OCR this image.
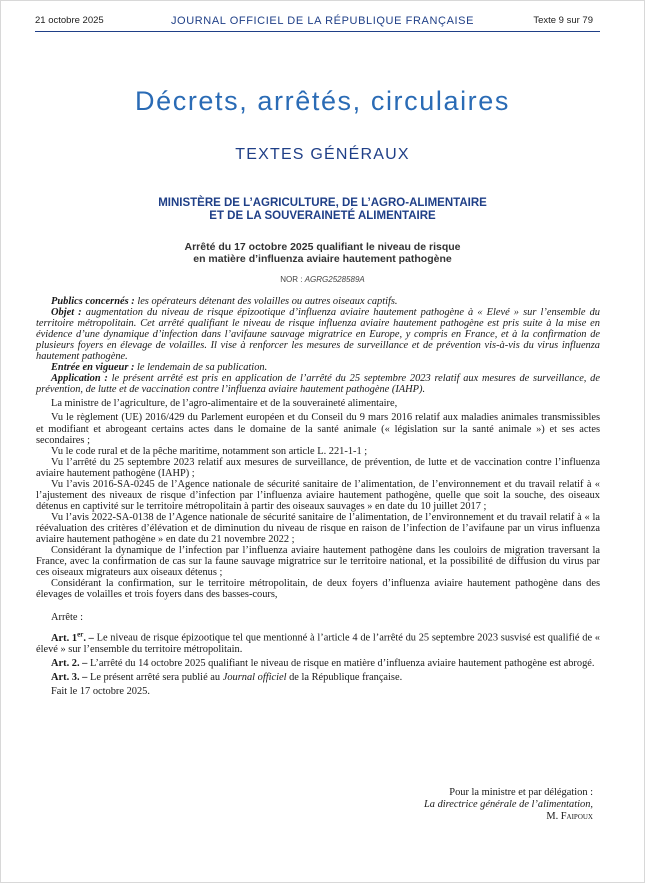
21 octobre 2025	JOURNAL OFFICIEL DE LA RÉPUBLIQUE FRANÇAISE	Texte 9 sur 79
Décrets, arrêtés, circulaires
TEXTES GÉNÉRAUX
MINISTÈRE DE L’AGRICULTURE, DE L’AGRO-ALIMENTAIRE
ET DE LA SOUVERAINETÉ ALIMENTAIRE
Arrêté du 17 octobre 2025 qualifiant le niveau de risque
en matière d’influenza aviaire hautement pathogène
NOR : AGRG2528589A

Publics concernés : les opérateurs détenant des volailles ou autres oiseaux captifs.

Objet : augmentation du niveau de risque épizootique d’influenza aviaire hautement pathogène à « Elevé » sur l’ensemble du territoire métropolitain. Cet arrêté qualifiant le niveau de risque influenza aviaire hautement pathogène est pris suite à la mise en évidence d’une dynamique d’infection dans l’avifaune sauvage migratrice en Europe, y compris en France, et à la confirmation de plusieurs foyers en élevage de volailles. Il vise à renforcer les mesures de surveillance et de prévention vis-à-vis du virus influenza hautement pathogène.

Entrée en vigueur : le lendemain de sa publication.

Application : le présent arrêté est pris en application de l’arrêté du 25 septembre 2023 relatif aux mesures de surveillance, de prévention, de lutte et de vaccination contre l’influenza aviaire hautement pathogène (IAHP).

La ministre de l’agriculture, de l’agro-alimentaire et de la souveraineté alimentaire,

Vu le règlement (UE) 2016/429 du Parlement européen et du Conseil du 9 mars 2016 relatif aux maladies animales transmissibles et modifiant et abrogeant certains actes dans le domaine de la santé animale (« législation sur la santé animale ») et ses actes secondaires ;

Vu le code rural et de la pêche maritime, notamment son article L. 221-1-1 ;

Vu l’arrêté du 25 septembre 2023 relatif aux mesures de surveillance, de prévention, de lutte et de vaccination contre l’influenza aviaire hautement pathogène (IAHP) ;

Vu l’avis 2016-SA-0245 de l’Agence nationale de sécurité sanitaire de l’alimentation, de l’environnement et du travail relatif à « l’ajustement des niveaux de risque d’infection par l’influenza aviaire hautement pathogène, quelle que soit la souche, des oiseaux détenus en captivité sur le territoire métropolitain à partir des oiseaux sauvages » en date du 10 juillet 2017 ;

Vu l’avis 2022-SA-0138 de l’Agence nationale de sécurité sanitaire de l’alimentation, de l’environnement et du travail relatif à « la réévaluation des critères d’élévation et de diminution du niveau de risque en raison de l’infection de l’avifaune par un virus influenza aviaire hautement pathogène » en date du 21 novembre 2022 ;

Considérant la dynamique de l’infection par l’influenza aviaire hautement pathogène dans les couloirs de migration traversant la France, avec la confirmation de cas sur la faune sauvage migratrice sur le territoire national, et la possibilité de diffusion du virus par ces oiseaux migrateurs aux oiseaux détenus ;

Considérant la confirmation, sur le territoire métropolitain, de deux foyers d’influenza aviaire hautement pathogène dans des élevages de volailles et trois foyers dans des basses-cours,

Arrête :

Art. 1er. – Le niveau de risque épizootique tel que mentionné à l’article 4 de l’arrêté du 25 septembre 2023 susvisé est qualifié de « élevé » sur l’ensemble du territoire métropolitain.

Art. 2. – L’arrêté du 14 octobre 2025 qualifiant le niveau de risque en matière d’influenza aviaire hautement pathogène est abrogé.

Art. 3. – Le présent arrêté sera publié au Journal officiel de la République française.

Fait le 17 octobre 2025.

Pour la ministre et par délégation :
La directrice générale de l’alimentation,
M. Faipoux
